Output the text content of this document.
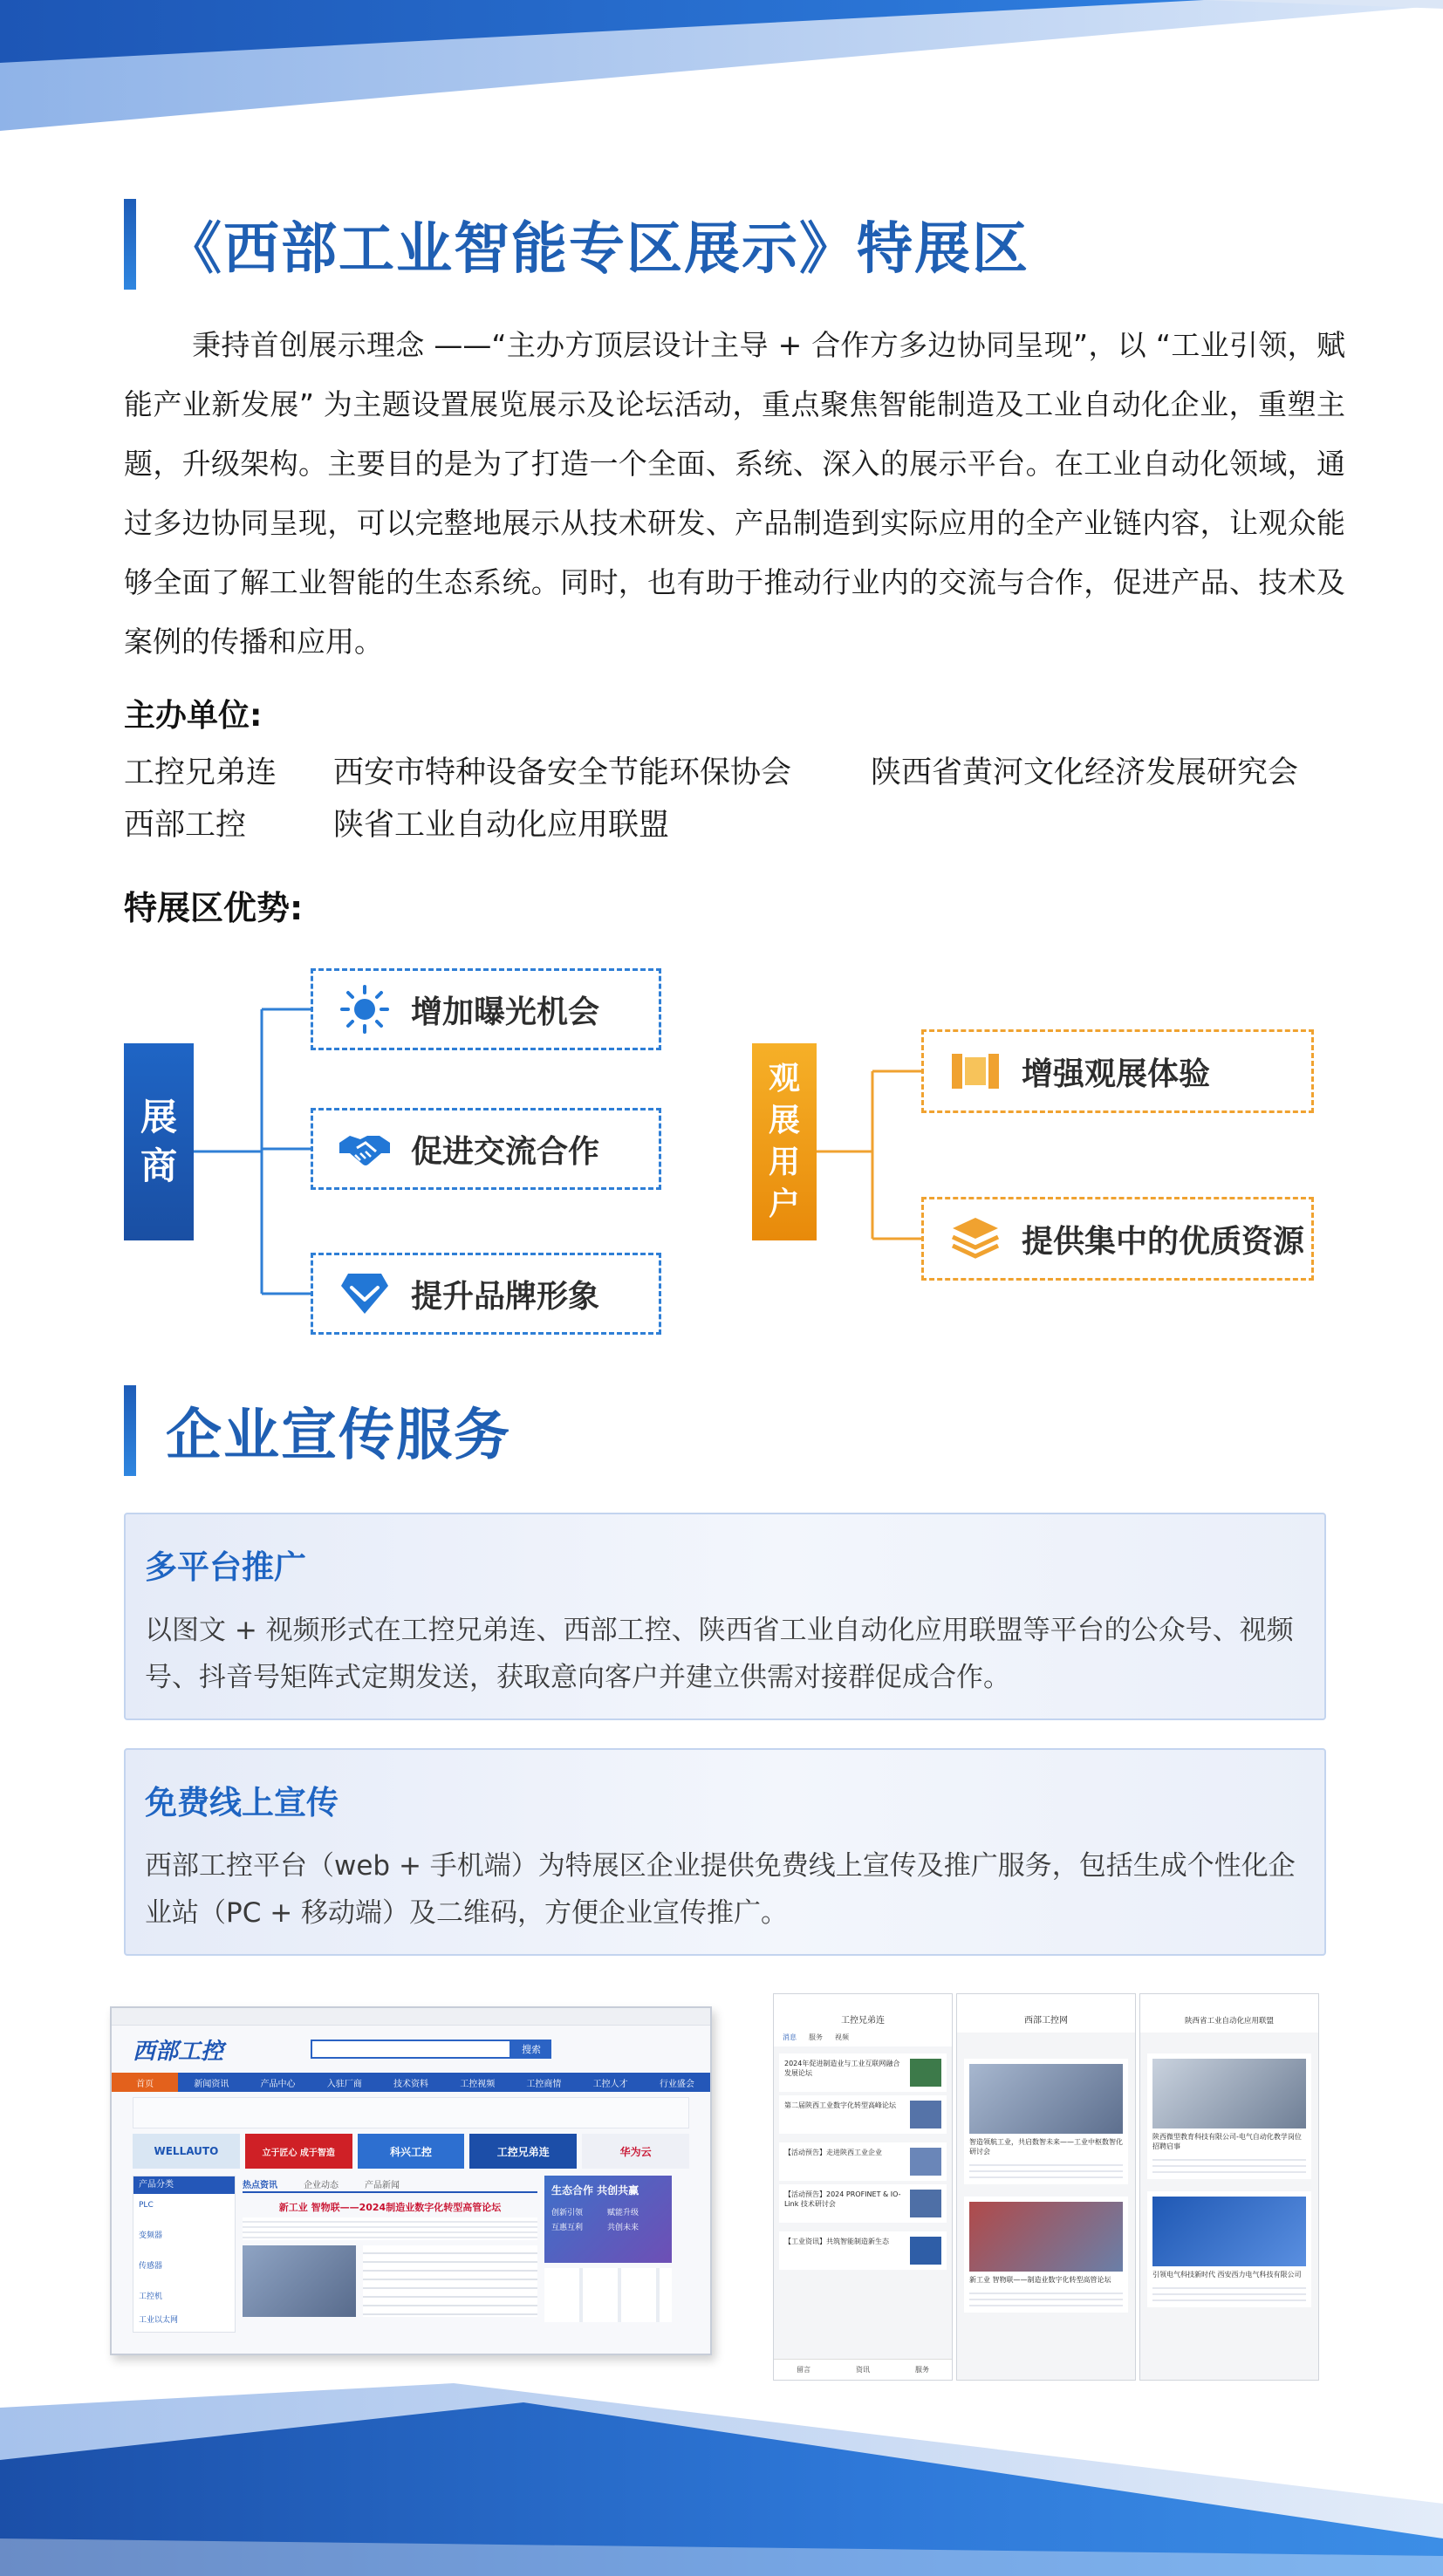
《西部工业智能专区展示》特展区

秉持首创展示理念 ——“主办方顶层设计主导 + 合作方多边协同呈现”，以 “工业引领，赋能产业新发展” 为主题设置展览展示及论坛活动，重点聚焦智能制造及工业自动化企业，重塑主题，升级架构。主要目的是为了打造一个全面、系统、深入的展示平台。在工业自动化领域，通过多边协同呈现，可以完整地展示从技术研发、产品制造到实际应用的全产业链内容，让观众能够全面了解工业智能的生态系统。同时，也有助于推动行业内的交流与合作，促进产品、技术及案例的传播和应用。

主办单位:
工控兄弟连	西安市特种设备安全节能环保协会	陕西省黄河文化经济发展研究会
西部工控	陕省工业自动化应用联盟
特展区优势:
展
商
增加曝光机会
促进交流合作
提升品牌形象
观
展
用
户
增强观展体验
提供集中的优质资源
企业宣传服务
多平台推广

以图文 + 视频形式在工控兄弟连、西部工控、陕西省工业自动化应用联盟等平台的公众号、视频号、抖音号矩阵式定期发送，获取意向客户并建立供需对接群促成合作。

免费线上宣传

西部工控平台（web + 手机端）为特展区企业提供免费线上宣传及推广服务，包括生成个性化企业站（PC + 移动端）及二维码，方便企业宣传推广。

西部工控	搜索
首页	新闻资讯	产品中心	入驻厂商	技术资料	工控视频	工控商情	工控人才	行业盛会
WELLAUTO	立于匠心 成于智造	科兴工控	工控兄弟连	华为云
产品分类
PLC
变频器
传感器
工控机
工业以太网
热点资讯	企业动态	产品新闻
新工业 智物联——2024制造业数字化转型高管论坛
生态合作 共创共赢
创新引领	赋能升级
互惠互利	共创未来
工控兄弟连
消息 服务 视频
2024年促进制造业与工业互联网融合发展论坛
第二届陕西工业数字化转型高峰论坛
【活动预告】走进陕西工业企业
【活动预告】2024 PROFINET & IO-Link 技术研讨会
【工业资讯】共筑智能制造新生态
留言	资讯	服务
西部工控网
智造领航工业，共启数智未来——工业中枢数智化研讨会
新工业 智物联——制造业数字化转型高管论坛
陕西省工业自动化应用联盟
陕西微型教育科技有限公司-电气自动化教学岗位招聘启事
引领电气科技新时代 西安西力电气科技有限公司
